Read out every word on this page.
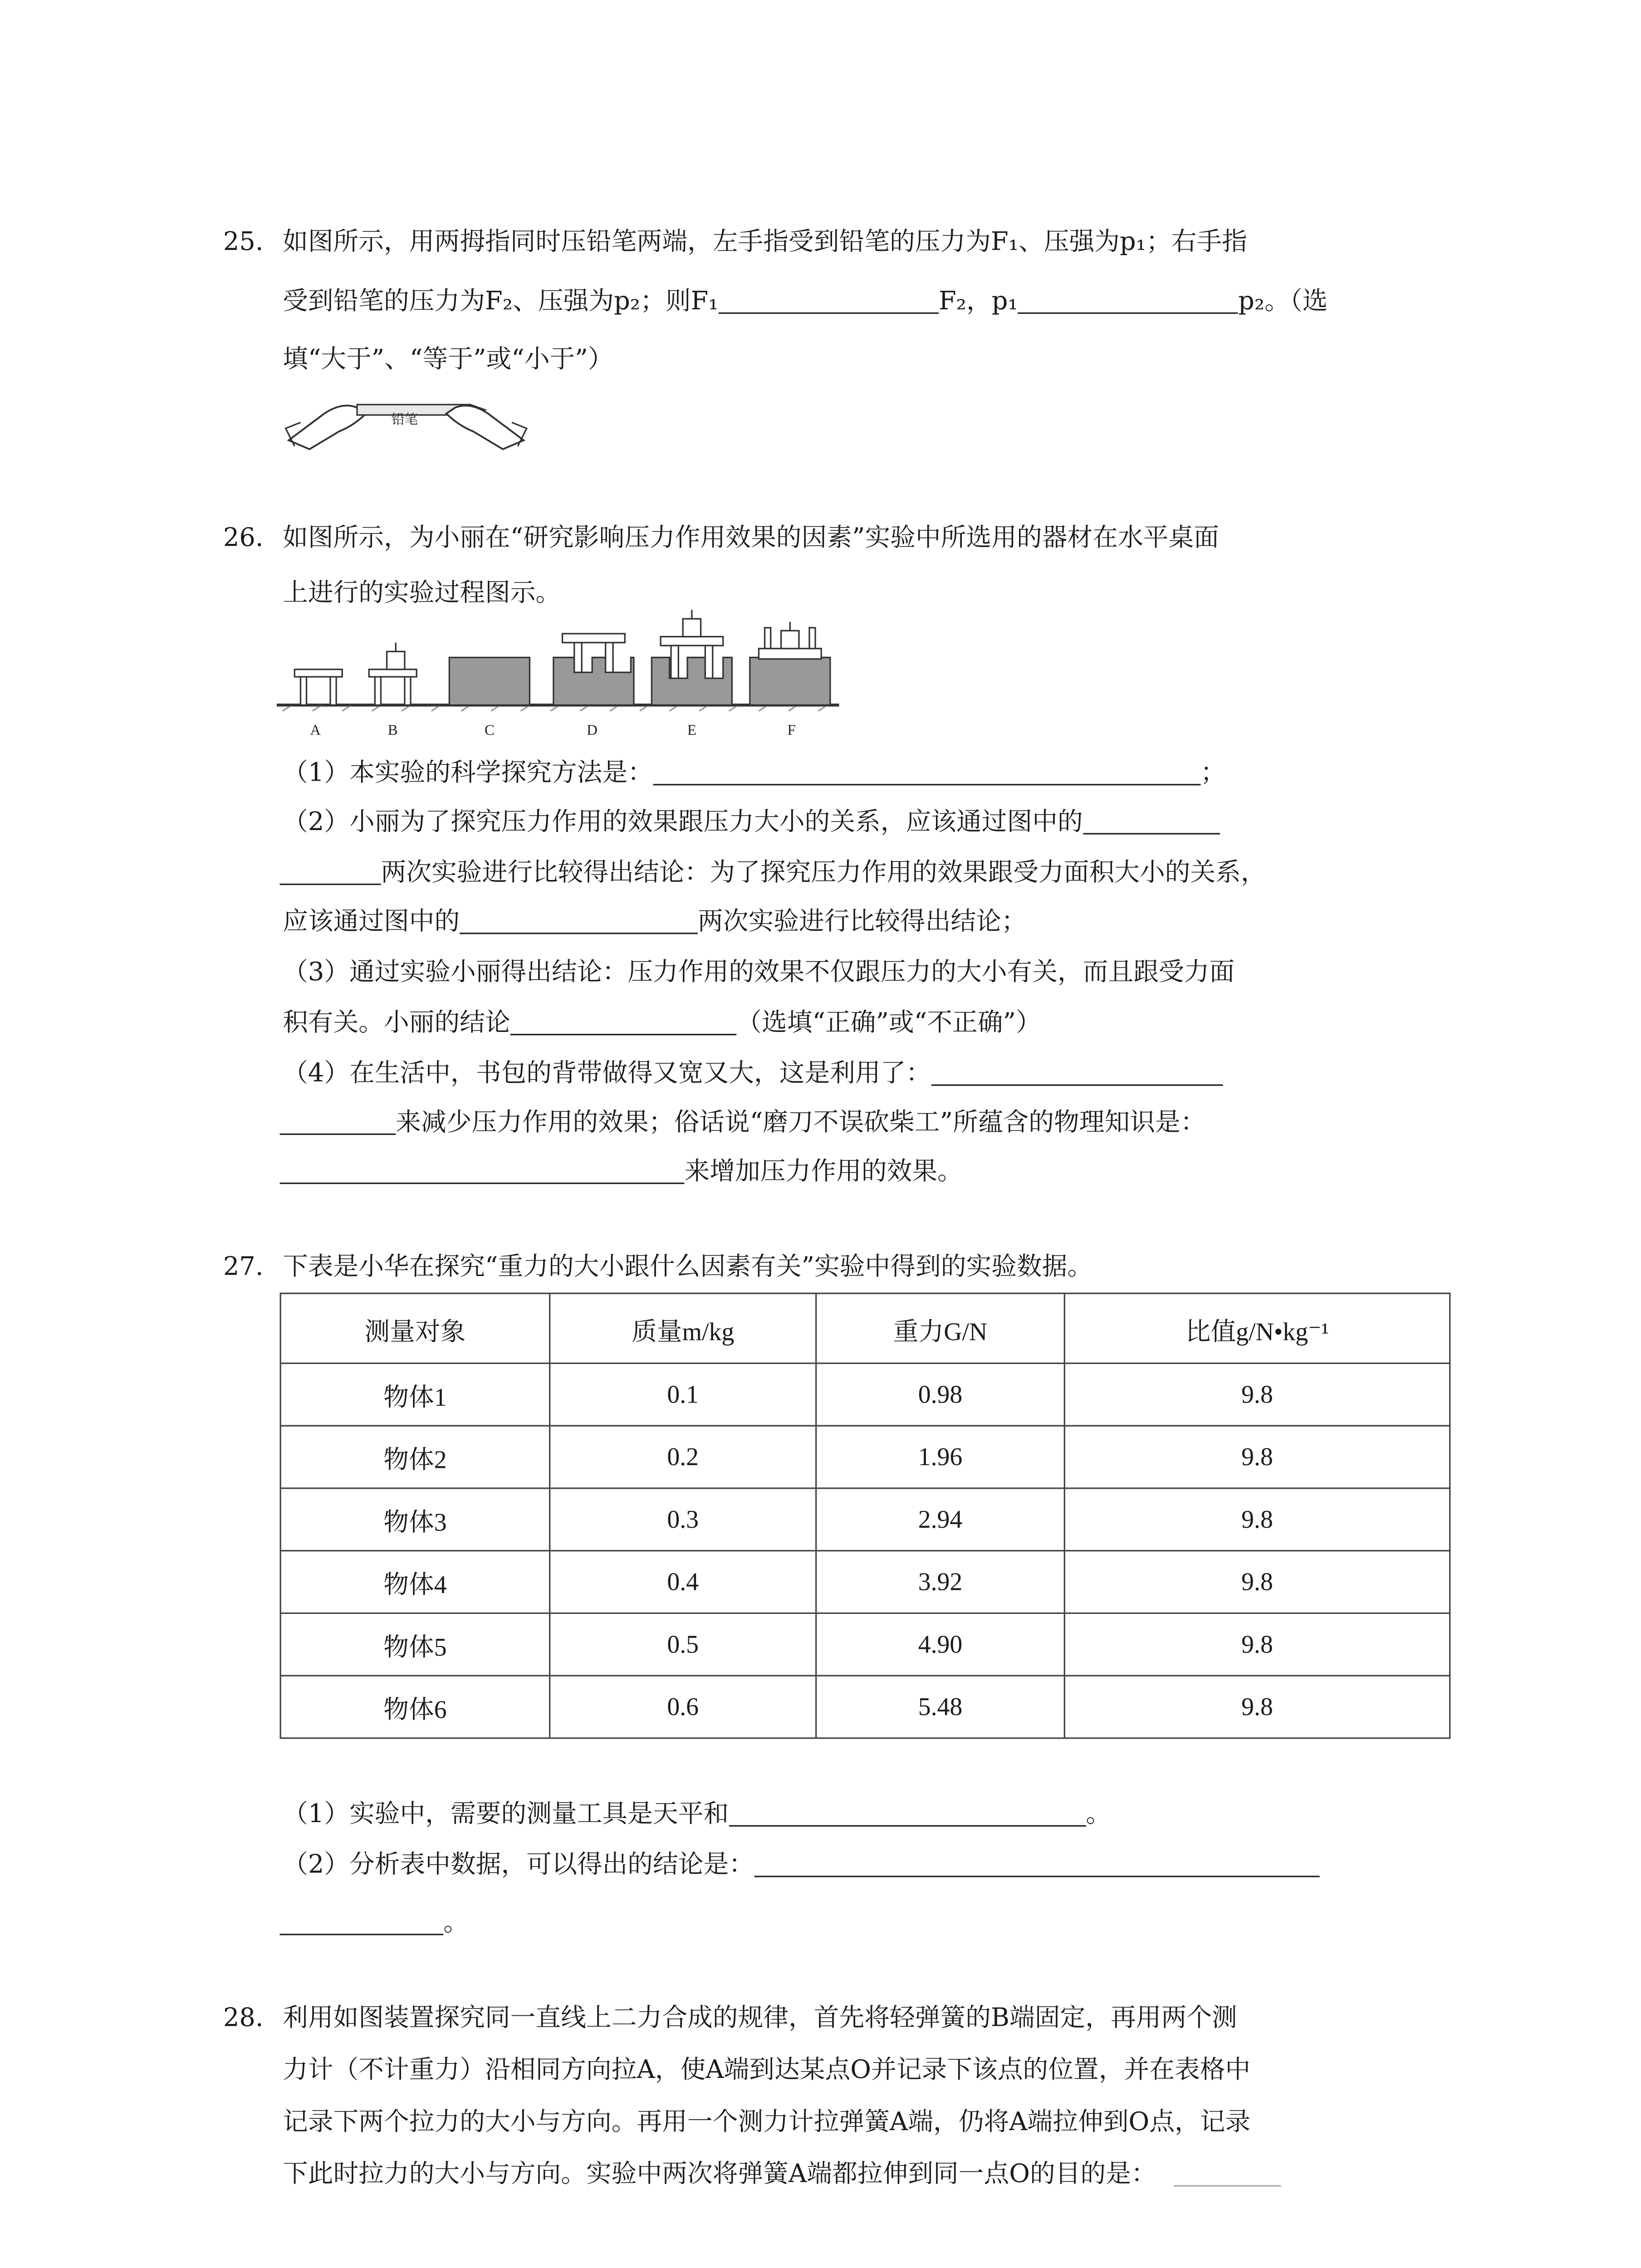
25. 如图所示，用两拇指同时压铅笔两端，左手指受到铅笔的压力为F₁、压强为p₁；右手指
受到铅笔的压力为F₂、压强为p₂；则F₁	F₂，p₁	p₂。（选
填“大于”、“等于”或“小于”）
铅笔
26. 如图所示，为小丽在“研究影响压力作用效果的因素”实验中所选用的器材在水平桌面
上进行的实验过程图示。
A	B	C	D	E	F
（1）本实验的科学探究方法是：	；
（2）小丽为了探究压力作用的效果跟压力大小的关系，应该通过图中的
两次实验进行比较得出结论：为了探究压力作用的效果跟受力面积大小的关系，
应该通过图中的	两次实验进行比较得出结论；
（3）通过实验小丽得出结论：压力作用的效果不仅跟压力的大小有关，而且跟受力面
积有关。小丽的结论	（选填“正确”或“不正确”）
（4）在生活中，书包的背带做得又宽又大，这是利用了：
来减少压力作用的效果；俗话说“磨刀不误砍柴工”所蕴含的物理知识是：
来增加压力作用的效果。
27. 下表是小华在探究“重力的大小跟什么因素有关”实验中得到的实验数据。
测量对象	质量m/kg	重力G/N	比值g/N•kg⁻¹
物体1	0.1	0.98	9.8
物体2	0.2	1.96	9.8
物体3	0.3	2.94	9.8
物体4	0.4	3.92	9.8
物体5	0.5	4.90	9.8
物体6	0.6	5.48	9.8
（1）实验中，需要的测量工具是天平和	。
（2）分析表中数据，可以得出的结论是：
。
28. 利用如图装置探究同一直线上二力合成的规律，首先将轻弹簧的B端固定，再用两个测
力计（不计重力）沿相同方向拉A，使A端到达某点O并记录下该点的位置，并在表格中
记录下两个拉力的大小与方向。再用一个测力计拉弹簧A端，仍将A端拉伸到O点，记录
下此时拉力的大小与方向。实验中两次将弹簧A端都拉伸到同一点O的目的是：
